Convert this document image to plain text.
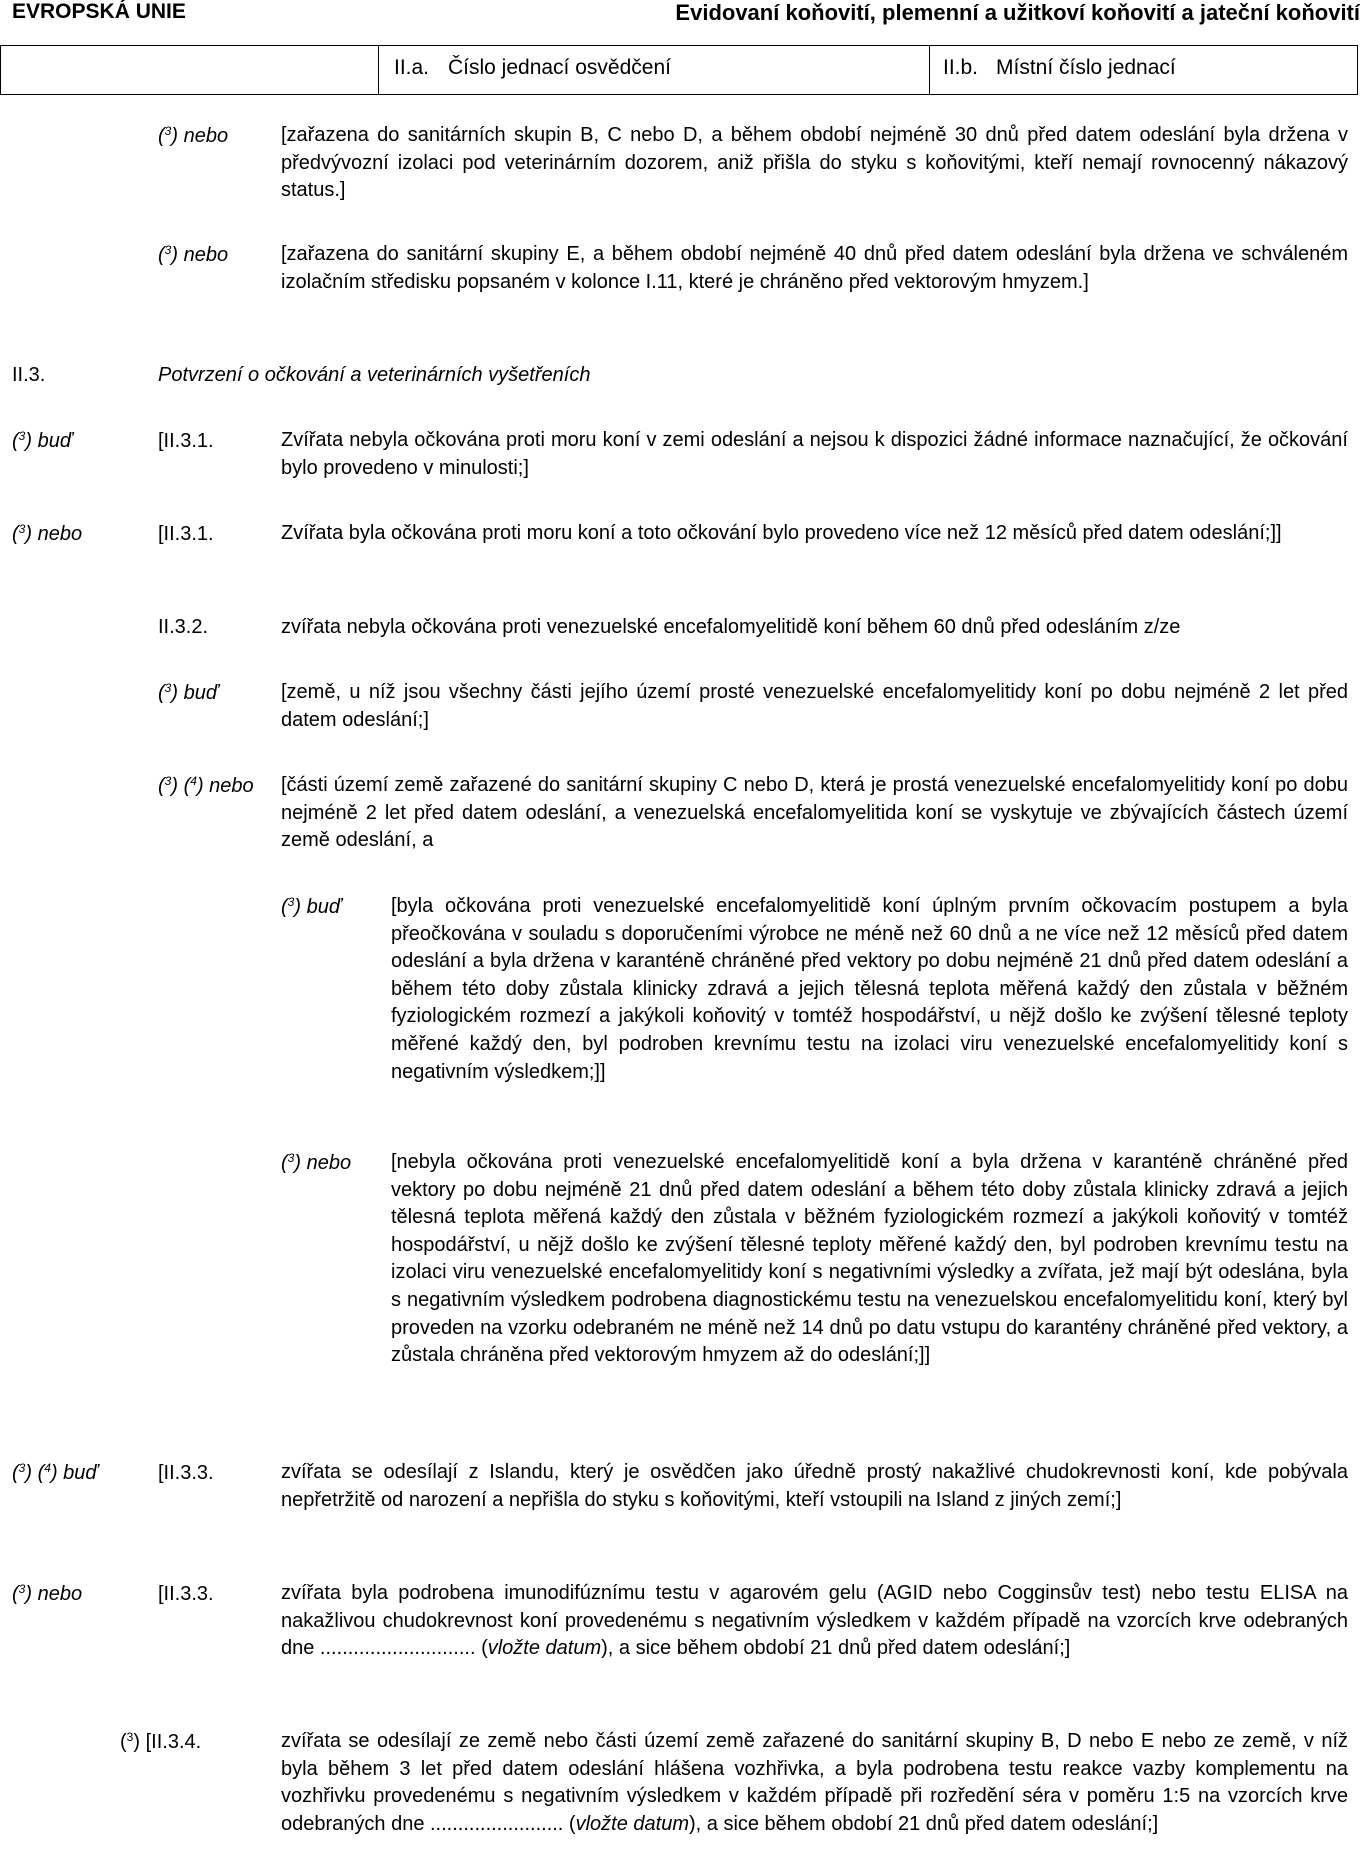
EVROPSKÁ UNIE	Evidovaní koňovití, plemenní a užitkoví koňovití a jateční koňovití
II.a. Číslo jednací osvědčení	II.b. Místní číslo jednací
($^3$) nebo	[zařazena do sanitárních skupin B, C nebo D, a během období nejméně 30 dnů před datem odeslání byla držena v předvývozní izolaci pod veterinárním dozorem, aniž přišla do styku s koňovitými, kteří nemají rovnocenný nákazový status.]
($^3$) nebo	[zařazena do sanitární skupiny E, a během období nejméně 40 dnů před datem odeslání byla držena ve schváleném izolačním středisku popsaném v kolonce I.11, které je chráněno před vektorovým hmyzem.]
II.3.	Potvrzení o očkování a veterinárních vyšetřeních
($^3$) buď	[II.3.1.	Zvířata nebyla očkována proti moru koní v zemi odeslání a nejsou k dispozici žádné informace naznačující, že očkování bylo provedeno v minulosti;]
($^3$) nebo	[II.3.1.	Zvířata byla očkována proti moru koní a toto očkování bylo provedeno více než 12 měsíců před datem odeslání;]]
II.3.2.	zvířata nebyla očkována proti venezuelské encefalomyelitidě koní během 60 dnů před odesláním z/ze
($^3$) buď	[země, u níž jsou všechny části jejího území prosté venezuelské encefalomyelitidy koní po dobu nejméně 2 let před datem odeslání;]
($^3$) ($^4$) nebo [části území země zařazené do sanitární skupiny C nebo D, která je prostá venezuelské encefalomyelitidy koní po dobu nejméně 2 let před datem odeslání, a venezuelská encefalomyelitida koní se vyskytuje ve zbývajících částech území země odeslání, a
($^3$) buď [byla očkována proti venezuelské encefalomyelitidě koní úplným prvním očkovacím postupem a byla přeočkována v souladu s doporučeními výrobce ne méně než 60 dnů a ne více než 12 měsíců před datem odeslání a byla držena v karanténě chráněné před vektory po dobu nejméně 21 dnů před datem odeslání a během této doby zůstala klinicky zdravá a jejich tělesná teplota měřená každý den zůstala v běžném fyziologickém rozmezí a jakýkoli koňovitý v tomtéž hospodářství, u nějž došlo ke zvýšení tělesné teploty měřené každý den, byl podroben krevnímu testu na izolaci viru venezuelské encefalomyelitidy koní s negativním výsledkem;]]
($^3$) nebo [nebyla očkována proti venezuelské encefalomyelitidě koní a byla držena v karanténě chráněné před vektory po dobu nejméně 21 dnů před datem odeslání a během této doby zůstala klinicky zdravá a jejich tělesná teplota měřená každý den zůstala v běžném fyziologickém rozmezí a jakýkoli koňovitý v tomtéž hospodářství, u nějž došlo ke zvýšení tělesné teploty měřené každý den, byl podroben krevnímu testu na izolaci viru venezuelské encefalomyelitidy koní s negativními výsledky a zvířata, jež mají být odeslána, byla s negativním výsledkem podrobena diagnostickému testu na venezuelskou encefalomyelitidu koní, který byl proveden na vzorku odebraném ne méně než 14 dnů po datu vstupu do karantény chráněné před vektory, a zůstala chráněna před vektorovým hmyzem až do odeslání;]]
($^3$) ($^4$) buď	[II.3.3.	zvířata se odesílají z Islandu, který je osvědčen jako úředně prostý nakažlivé chudokrevnosti koní, kde pobývala nepřetržitě od narození a nepřišla do styku s koňovitými, kteří vstoupili na Island z jiných zemí;]
($^3$) nebo	[II.3.3.	zvířata byla podrobena imunodifúznímu testu v agarovém gelu (AGID nebo Cogginsův test) nebo testu ELISA na nakažlivou chudokrevnost koní provedenému s negativním výsledkem v každém případě na vzorcích krve odebraných dne ............................ (vložte datum), a sice během období 21 dnů před datem odeslání;]
($^3$) [II.3.4.	zvířata se odesílají ze země nebo části území země zařazené do sanitární skupiny B, D nebo E nebo ze země, v níž byla během 3 let před datem odeslání hlášena vozhřivka, a byla podrobena testu reakce vazby komplementu na vozhřivku provedenému s negativním výsledkem v každém případě při rozředění séra v poměru 1:5 na vzorcích krve odebraných dne ........................ (vložte datum), a sice během období 21 dnů před datem odeslání;]
